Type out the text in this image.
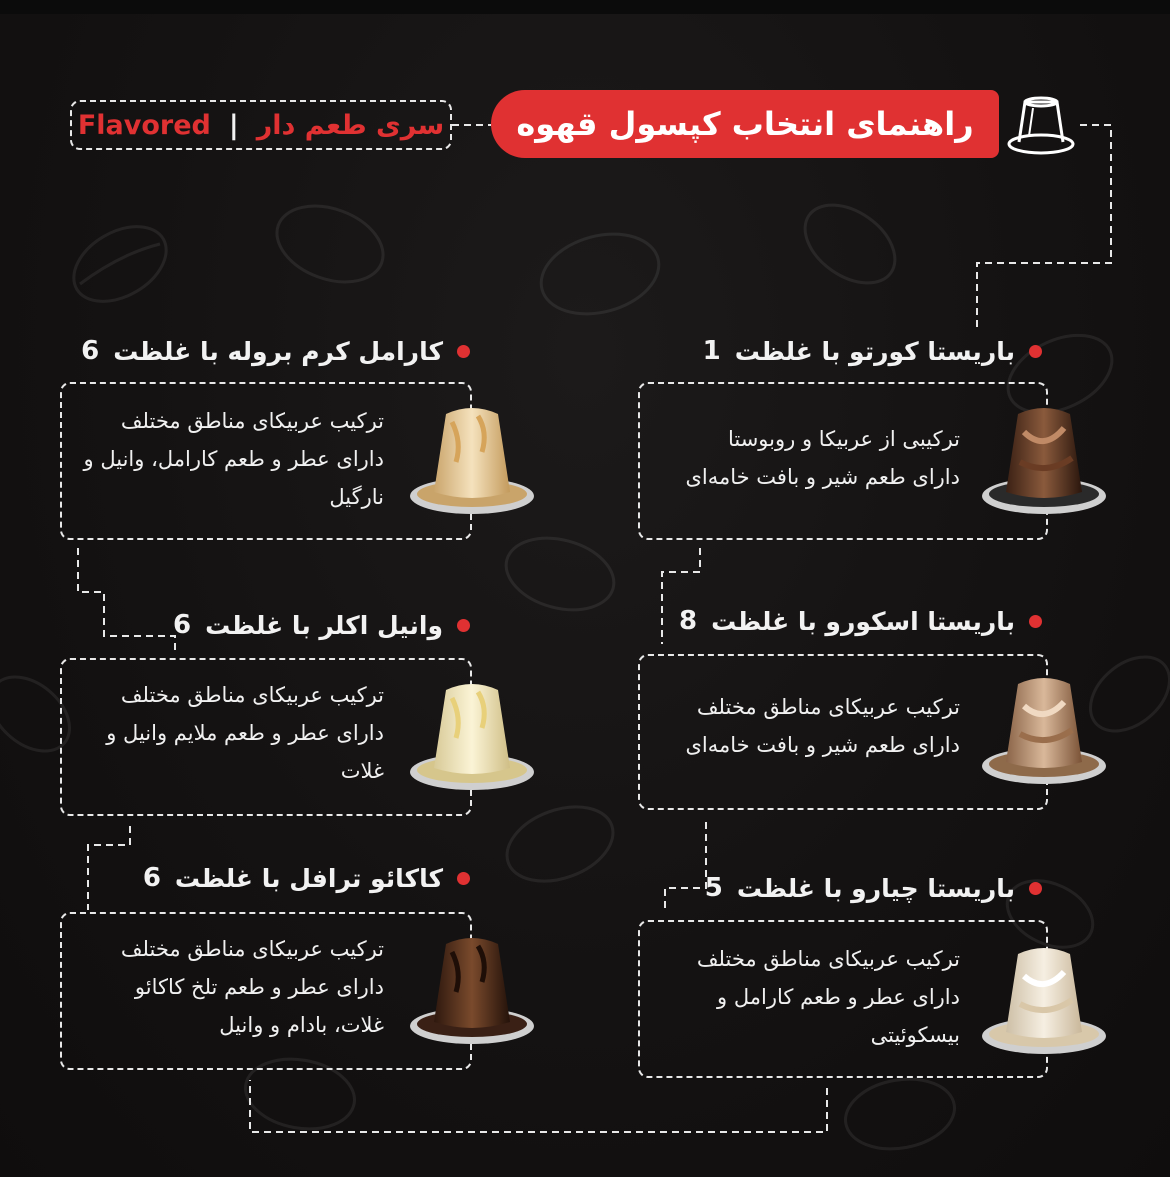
راهنمای انتخاب کپسول قهوه
Flavored | سری طعم دار
باریستا کورتو با غلظت
1
ترکیبی از عربیکا و روبوستا
دارای طعم شیر و بافت خامه‌ای
باریستا اسکورو با غلظت
8
ترکیب عربیکای مناطق مختلف
دارای طعم شیر و بافت خامه‌ای
باریستا چیارو با غلظت
5
ترکیب عربیکای مناطق مختلف
دارای عطر و طعم کارامل و
بیسکوئیتی
کارامل کرم بروله با غلظت
6
ترکیب عربیکای مناطق مختلف
دارای عطر و طعم کارامل، وانیل و
نارگیل
وانیل اکلر با غلظت
6
ترکیب عربیکای مناطق مختلف
دارای عطر و طعم ملایم وانیل و
غلات
کاکائو ترافل با غلظت
6
ترکیب عربیکای مناطق مختلف
دارای عطر و طعم تلخ کاکائو
غلات، بادام و وانیل
